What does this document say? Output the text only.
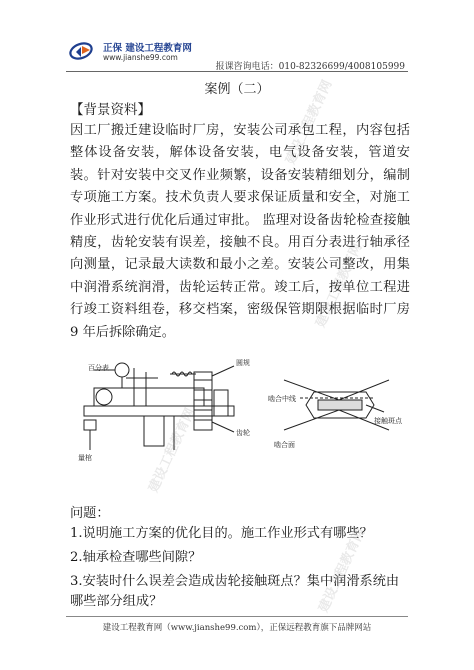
正保 建设工程教育网
www.jianshe99.com
报课咨询电话：010-82326699/4008105999
建设工程教育网
建设工程教育网
建设工程教育网
建设工程教育网
案例（二）
【背景资料】
因工厂搬迁建设临时厂房，安装公司承包工程，内容包括整体设备安装，解体设备安装，电气设备安装，管道安装。针对安装中交叉作业频繁，设备安装精细划分，编制专项施工方案。技术负责人要求保证质量和安全，对施工作业形式进行优化后通过审批。 监理对设备齿轮检查接触精度，齿轮安装有误差，接触不良。用百分表进行轴承径向测量，记录最大读数和最小之差。安装公司整改，用集中润滑系统润滑，齿轮运转正常。竣工后，按单位工程进行竣工资料组卷，移交档案，密级保管期限根据临时厂房 9 年后拆除确定。
百分表
圆规
量棺
齿轮
啮合中线
接触斑点
啮合面
问题：
1.说明施工方案的优化目的。施工作业形式有哪些？
2.轴承检查哪些间隙？
3.安装时什么误差会造成齿轮接触斑点？集中润滑系统由哪些部分组成？
建设工程教育网（www.jianshe99.com），正保远程教育旗下品牌网站
